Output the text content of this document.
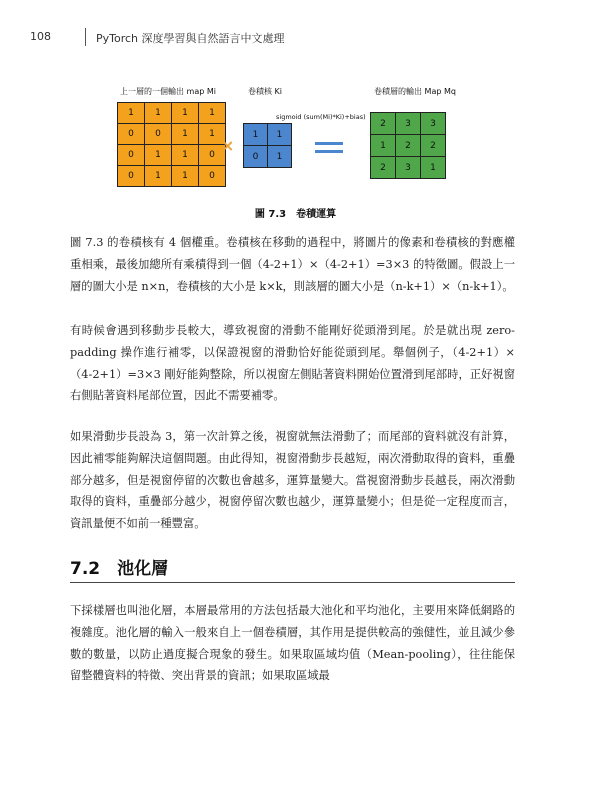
108	PyTorch 深度學習與自然語言中文處理
上一層的一個輸出 map Mi	卷積核 Ki	卷積層的輸出 Map Mq
sigmoid (sum(Mi)*Ki)+bias)
1	1	1	1
0	0	1	1
0	1	1	0
0	1	1	0
⨯
1	1
0	1
2	3	3
1	2	2
2	3	1
圖 7.3　卷積運算

圖 7.3 的卷積核有 4 個權重。卷積核在移動的過程中，將圖片的像素和卷積核的對應權重相乘，最後加總所有乘積得到一個（4-2+1）×（4-2+1）=3×3 的特徵圖。假設上一層的圖大小是 n×n，卷積核的大小是 k×k，則該層的圖大小是（n-k+1）×（n-k+1）。

有時候會遇到移動步長較大，導致視窗的滑動不能剛好從頭滑到尾。於是就出現 zero-padding 操作進行補零，以保證視窗的滑動恰好能從頭到尾。舉個例子，（4-2+1）×（4-2+1）=3×3 剛好能夠整除，所以視窗左側貼著資料開始位置滑到尾部時，正好視窗右側貼著資料尾部位置，因此不需要補零。

如果滑動步長設為 3，第一次計算之後，視窗就無法滑動了；而尾部的資料就沒有計算，因此補零能夠解決這個問題。由此得知，視窗滑動步長越短，兩次滑動取得的資料，重疊部分越多，但是視窗停留的次數也會越多，運算量變大。當視窗滑動步長越長，兩次滑動取得的資料，重疊部分越少，視窗停留次數也越少，運算量變小；但是從一定程度而言，資訊量便不如前一種豐富。

7.2　池化層

下採樣層也叫池化層，本層最常用的方法包括最大池化和平均池化，主要用來降低網路的複雜度。池化層的輸入一般來自上一個卷積層，其作用是提供較高的強健性，並且減少參數的數量，以防止過度擬合現象的發生。如果取區域均值（Mean-pooling），往往能保留整體資料的特徵、突出背景的資訊；如果取區域最
